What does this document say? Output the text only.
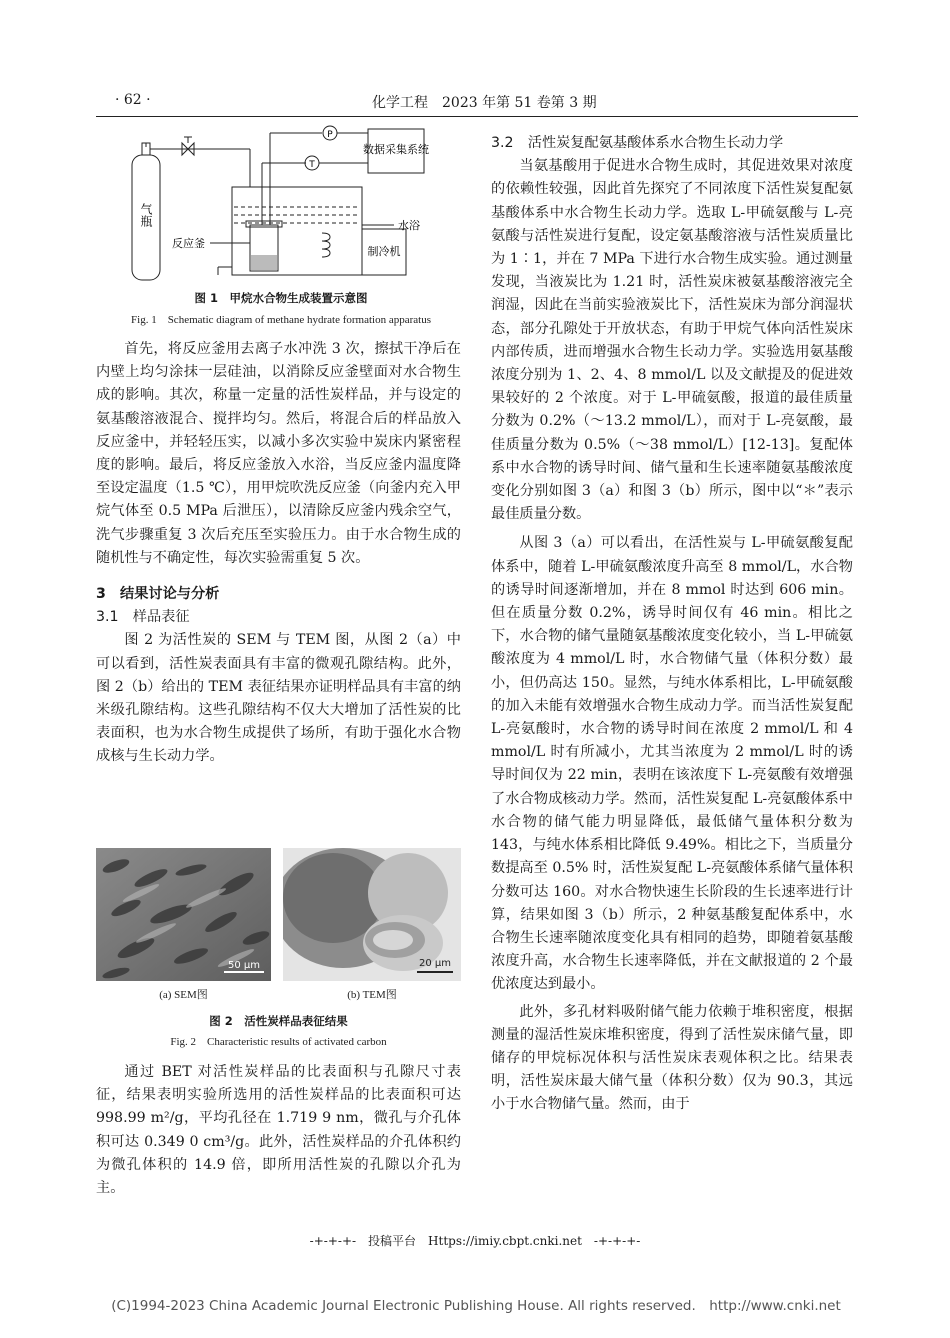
· 62 ·	化学工程　2023 年第 51 卷第 3 期
气瓶
P
T
数据采集系统
水浴
反应釜
制冷机
图 1　甲烷水合物生成装置示意图
Fig. 1　Schematic diagram of methane hydrate formation apparatus

首先，将反应釜用去离子水冲洗 3 次，擦拭干净后在内壁上均匀涂抹一层硅油，以消除反应釜壁面对水合物生成的影响。其次，称量一定量的活性炭样品，并与设定的氨基酸溶液混合、搅拌均匀。然后，将混合后的样品放入反应釜中，并轻轻压实，以减小多次实验中炭床内紧密程度的影响。最后，将反应釜放入水浴，当反应釜内温度降至设定温度（1.5 ℃），用甲烷吹洗反应釜（向釜内充入甲烷气体至 0.5 MPa 后泄压），以清除反应釜内残余空气，洗气步骤重复 3 次后充压至实验压力。由于水合物生成的随机性与不确定性，每次实验需重复 5 次。

3　结果讨论与分析
3.1　样品表征

图 2 为活性炭的 SEM 与 TEM 图，从图 2（a）中可以看到，活性炭表面具有丰富的微观孔隙结构。此外，图 2（b）给出的 TEM 表征结果亦证明样品具有丰富的纳米级孔隙结构。这些孔隙结构不仅大大增加了活性炭的比表面积，也为水合物生成提供了场所，有助于强化水合物成核与生长动力学。

50 μm	20 μm
(a) SEM图	(b) TEM图
图 2　活性炭样品表征结果
Fig. 2　Characteristic results of activated carbon

通过 BET 对活性炭样品的比表面积与孔隙尺寸表征，结果表明实验所选用的活性炭样品的比表面积可达 998.99 m²/g，平均孔径在 1.719 9 nm，微孔与介孔体积可达 0.349 0 cm³/g。此外，活性炭样品的介孔体积约为微孔体积的 14.9 倍，即所用活性炭的孔隙以介孔为主。

3.2　活性炭复配氨基酸体系水合物生长动力学

当氨基酸用于促进水合物生成时，其促进效果对浓度的依赖性较强，因此首先探究了不同浓度下活性炭复配氨基酸体系中水合物生长动力学。选取 L-甲硫氨酸与 L-亮氨酸与活性炭进行复配，设定氨基酸溶液与活性炭质量比为 1∶1，并在 7 MPa 下进行水合物生成实验。通过测量发现，当液炭比为 1.21 时，活性炭床被氨基酸溶液完全润湿，因此在当前实验液炭比下，活性炭床为部分润湿状态，部分孔隙处于开放状态，有助于甲烷气体向活性炭床内部传质，进而增强水合物生长动力学。实验选用氨基酸浓度分别为 1、2、4、8 mmol/L 以及文献提及的促进效果较好的 2 个浓度。对于 L-甲硫氨酸，报道的最佳质量分数为 0.2%（～13.2 mmol/L），而对于 L-亮氨酸，最佳质量分数为 0.5%（～38 mmol/L）[12-13]。复配体系中水合物的诱导时间、储气量和生长速率随氨基酸浓度变化分别如图 3（a）和图 3（b）所示，图中以“＊”表示最佳质量分数。

从图 3（a）可以看出，在活性炭与 L-甲硫氨酸复配体系中，随着 L-甲硫氨酸浓度升高至 8 mmol/L，水合物的诱导时间逐渐增加，并在 8 mmol 时达到 606 min。但在质量分数 0.2%，诱导时间仅有 46 min。相比之下，水合物的储气量随氨基酸浓度变化较小，当 L-甲硫氨酸浓度为 4 mmol/L 时，水合物储气量（体积分数）最小，但仍高达 150。显然，与纯水体系相比，L-甲硫氨酸的加入未能有效增强水合物生成动力学。而当活性炭复配 L-亮氨酸时，水合物的诱导时间在浓度 2 mmol/L 和 4 mmol/L 时有所减小，尤其当浓度为 2 mmol/L 时的诱导时间仅为 22 min，表明在该浓度下 L-亮氨酸有效增强了水合物成核动力学。然而，活性炭复配 L-亮氨酸体系中水合物的储气能力明显降低，最低储气量体积分数为 143，与纯水体系相比降低 9.49%。相比之下，当质量分数提高至 0.5% 时，活性炭复配 L-亮氨酸体系储气量体积分数可达 160。对水合物快速生长阶段的生长速率进行计算，结果如图 3（b）所示，2 种氨基酸复配体系中，水合物生长速率随浓度变化具有相同的趋势，即随着氨基酸浓度升高，水合物生长速率降低，并在文献报道的 2 个最优浓度达到最小。

此外，多孔材料吸附储气能力依赖于堆积密度，根据测量的湿活性炭床堆积密度，得到了活性炭床储气量，即储存的甲烷标况体积与活性炭床表观体积之比。结果表明，活性炭床最大储气量（体积分数）仅为 90.3，其远小于水合物储气量。然而，由于

-+-+-+-　投稿平台　Https://imiy.cbpt.cnki.net　-+-+-+-
(C)1994-2023 China Academic Journal Electronic Publishing House. All rights reserved.　http://www.cnki.net
